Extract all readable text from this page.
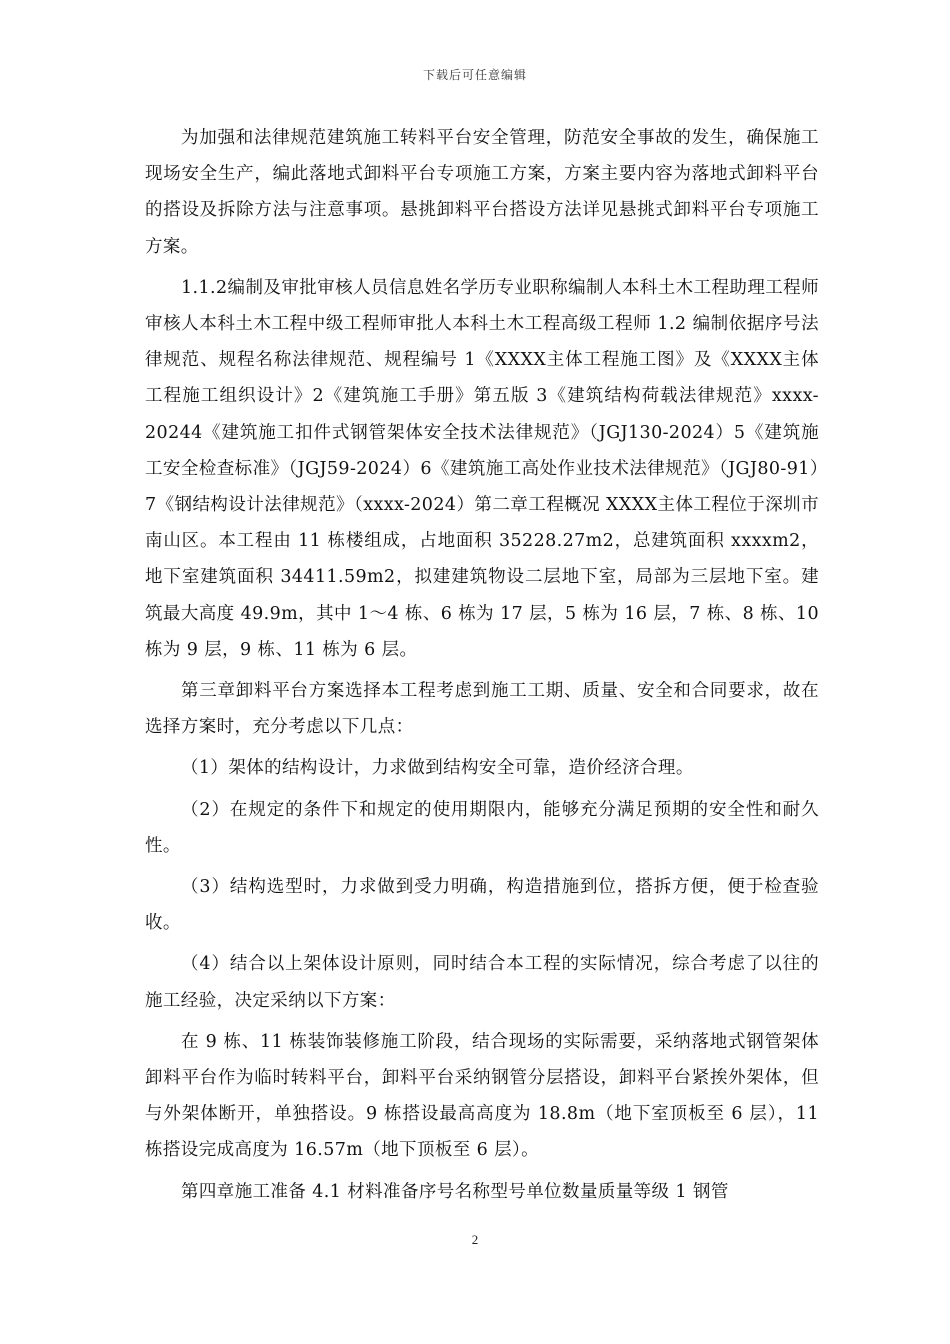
下载后可任意编辑

为加强和法律规范建筑施工转料平台安全管理，防范安全事故的发生，确保施工现场安全生产，编此落地式卸料平台专项施工方案，方案主要内容为落地式卸料平台的搭设及拆除方法与注意事项。悬挑卸料平台搭设方法详见悬挑式卸料平台专项施工方案。

1.1.2编制及审批审核人员信息姓名学历专业职称编制人本科土木工程助理工程师审核人本科土木工程中级工程师审批人本科土木工程高级工程师 1.2 编制依据序号法律规范、规程名称法律规范、规程编号 1《XXXX主体工程施工图》及《XXXX主体工程施工组织设计》2《建筑施工手册》第五版 3《建筑结构荷载法律规范》xxxx-20244《建筑施工扣件式钢管架体安全技术法律规范》（JGJ130-2024）5《建筑施工安全检查标准》（JGJ59-2024）6《建筑施工高处作业技术法律规范》（JGJ80-91）7《钢结构设计法律规范》（xxxx-2024）第二章工程概况 XXXX主体工程位于深圳市南山区。本工程由 11 栋楼组成，占地面积 35228.27m2，总建筑面积 xxxxm2，地下室建筑面积 34411.59m2，拟建建筑物设二层地下室，局部为三层地下室。建筑最大高度 49.9m，其中 1～4 栋、6 栋为 17 层，5 栋为 16 层，7 栋、8 栋、10 栋为 9 层，9 栋、11 栋为 6 层。

第三章卸料平台方案选择本工程考虑到施工工期、质量、安全和合同要求，故在选择方案时，充分考虑以下几点：

（1）架体的结构设计，力求做到结构安全可靠，造价经济合理。

（2）在规定的条件下和规定的使用期限内，能够充分满足预期的安全性和耐久性。

（3）结构选型时，力求做到受力明确，构造措施到位，搭拆方便，便于检查验收。

（4）结合以上架体设计原则，同时结合本工程的实际情况，综合考虑了以往的施工经验，决定采纳以下方案：

在 9 栋、11 栋装饰装修施工阶段，结合现场的实际需要，采纳落地式钢管架体卸料平台作为临时转料平台，卸料平台采纳钢管分层搭设，卸料平台紧挨外架体，但与外架体断开，单独搭设。9 栋搭设最高高度为 18.8m（地下室顶板至 6 层），11 栋搭设完成高度为 16.57m（地下顶板至 6 层）。

第四章施工准备 4.1 材料准备序号名称型号单位数量质量等级 1 钢管

2
